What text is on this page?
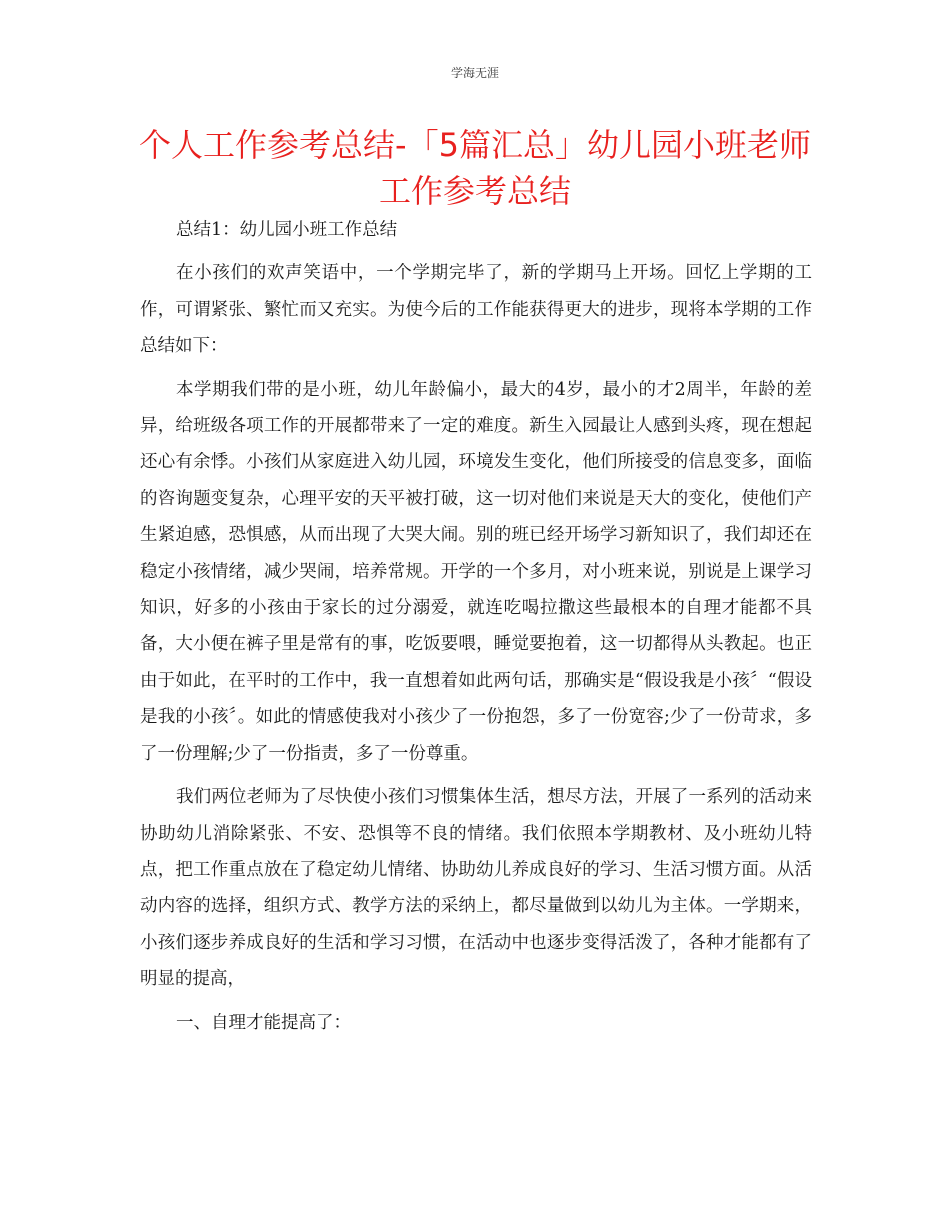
学海无涯
个人工作参考总结-「5篇汇总」幼儿园小班老师工作参考总结

总结1：幼儿园小班工作总结

在小孩们的欢声笑语中，一个学期完毕了，新的学期马上开场。回忆上学期的工作，可谓紧张、繁忙而又充实。为使今后的工作能获得更大的进步，现将本学期的工作总结如下：

本学期我们带的是小班，幼儿年龄偏小，最大的4岁，最小的才2周半，年龄的差异，给班级各项工作的开展都带来了一定的难度。新生入园最让人感到头疼，现在想起还心有余悸。小孩们从家庭进入幼儿园，环境发生变化，他们所接受的信息变多，面临的咨询题变复杂，心理平安的天平被打破，这一切对他们来说是天大的变化，使他们产生紧迫感，恐惧感，从而出现了大哭大闹。别的班已经开场学习新知识了，我们却还在稳定小孩情绪，减少哭闹，培养常规。开学的一个多月，对小班来说，别说是上课学习知识，好多的小孩由于家长的过分溺爱，就连吃喝拉撒这些最根本的自理才能都不具备，大小便在裤子里是常有的事，吃饭要喂，睡觉要抱着，这一切都得从头教起。也正由于如此，在平时的工作中，我一直想着如此两句话，那确实是“假设我是小孩〞“假设是我的小孩〞。如此的情感使我对小孩少了一份抱怨，多了一份宽容;少了一份苛求，多了一份理解;少了一份指责，多了一份尊重。

我们两位老师为了尽快使小孩们习惯集体生活，想尽方法，开展了一系列的活动来协助幼儿消除紧张、不安、恐惧等不良的情绪。我们依照本学期教材、及小班幼儿特点，把工作重点放在了稳定幼儿情绪、协助幼儿养成良好的学习、生活习惯方面。从活动内容的选择，组织方式、教学方法的采纳上，都尽量做到以幼儿为主体。一学期来，小孩们逐步养成良好的生活和学习习惯，在活动中也逐步变得活泼了，各种才能都有了明显的提高，

一、自理才能提高了：
